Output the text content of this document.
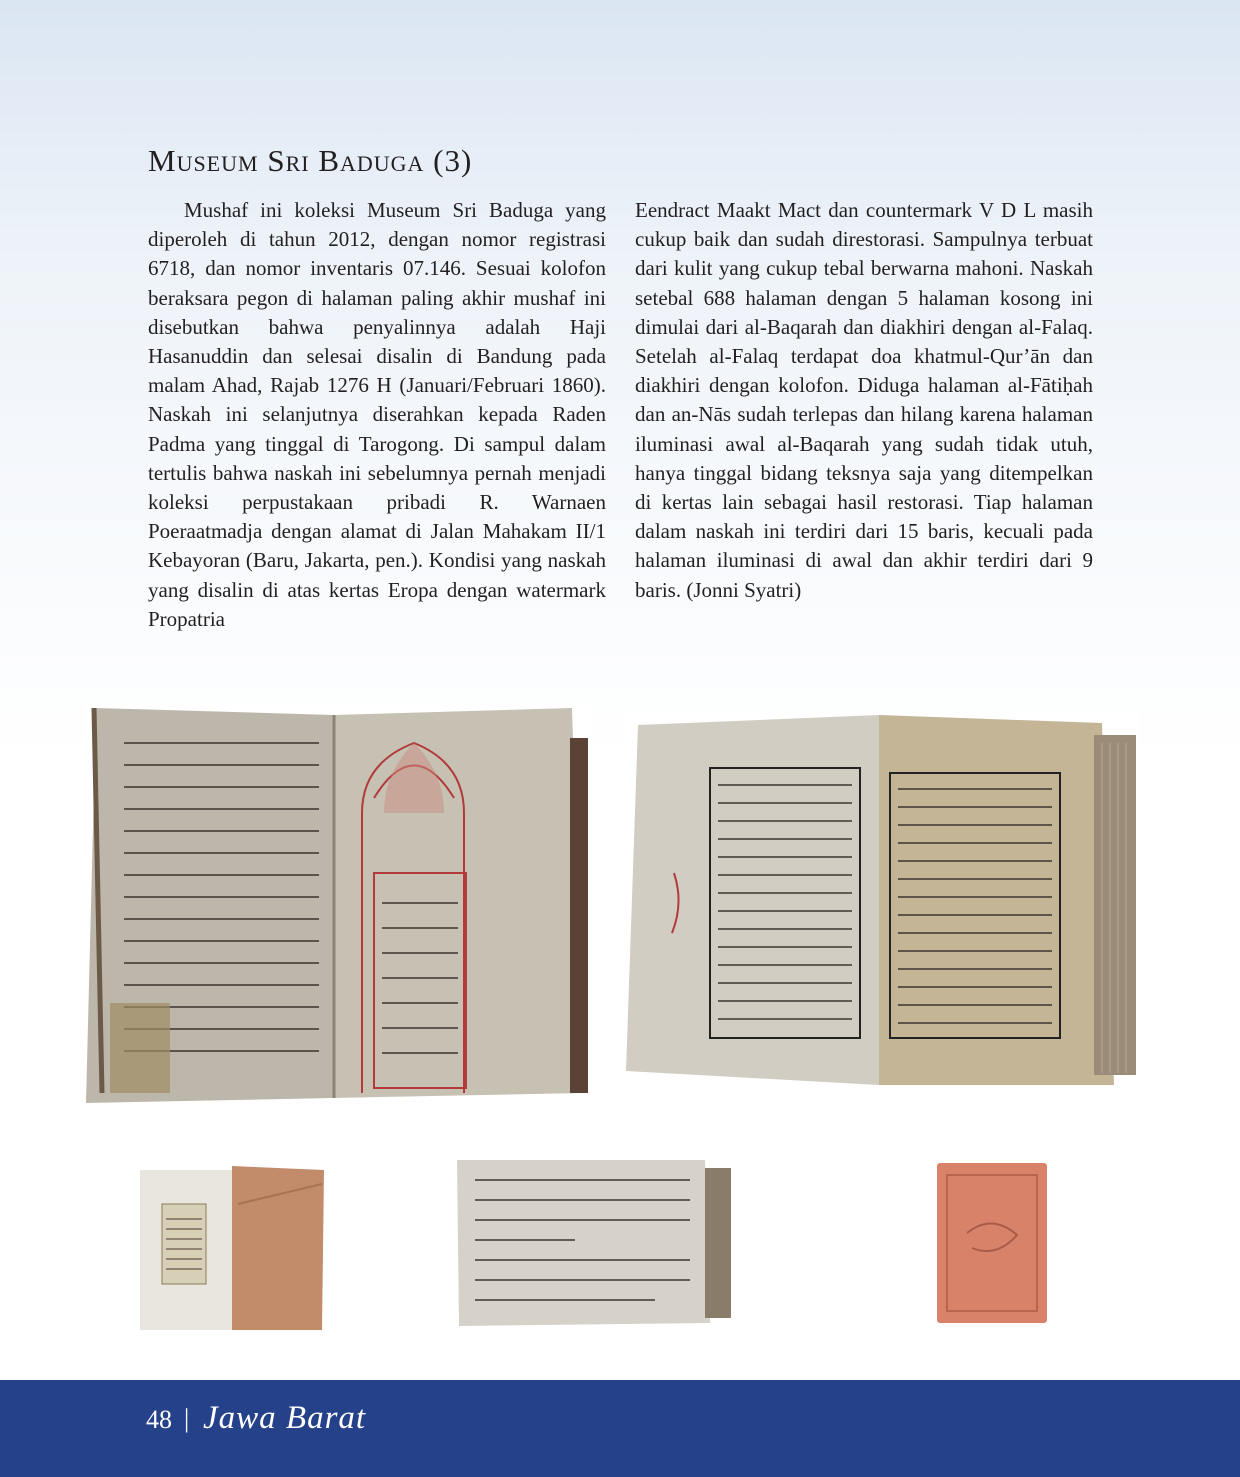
Museum Sri Baduga (3)

Mushaf ini koleksi Museum Sri Baduga yang diperoleh di tahun 2012, dengan nomor registrasi 6718, dan nomor inventaris 07.146. Sesuai kolofon beraksara pegon di halaman paling akhir mushaf ini disebutkan bahwa penyalinnya adalah Haji Hasanuddin dan selesai disalin di Bandung pada malam Ahad, Rajab 1276 H (Januari/Februari 1860). Naskah ini selanjutnya diserahkan kepada Raden Padma yang tinggal di Tarogong. Di sampul dalam tertulis bahwa naskah ini sebelumnya pernah menjadi koleksi perpustakaan pribadi R. Warnaen Poeraatmadja dengan alamat di Jalan Mahakam II/1 Kebayoran (Baru, Jakarta, pen.). Kondisi yang naskah yang disalin di atas kertas Eropa dengan watermark Propatria

Eendract Maakt Mact dan countermark V D L masih cukup baik dan sudah direstorasi. Sampulnya terbuat dari kulit yang cukup tebal berwarna mahoni. Naskah setebal 688 halaman dengan 5 halaman kosong ini dimulai dari al-Baqarah dan diakhiri dengan al-Falaq. Setelah al-Falaq terdapat doa khatmul-Qur’ān dan diakhiri dengan kolofon. Diduga halaman al-Fātiḥah dan an-Nās sudah terlepas dan hilang karena halaman iluminasi awal al-Baqarah yang sudah tidak utuh, hanya tinggal bidang teksnya saja yang ditempelkan di kertas lain sebagai hasil restorasi. Tiap halaman dalam naskah ini terdiri dari 15 baris, kecuali pada halaman iluminasi di awal dan akhir terdiri dari 9 baris. (Jonni Syatri)

48 | Jawa Barat
